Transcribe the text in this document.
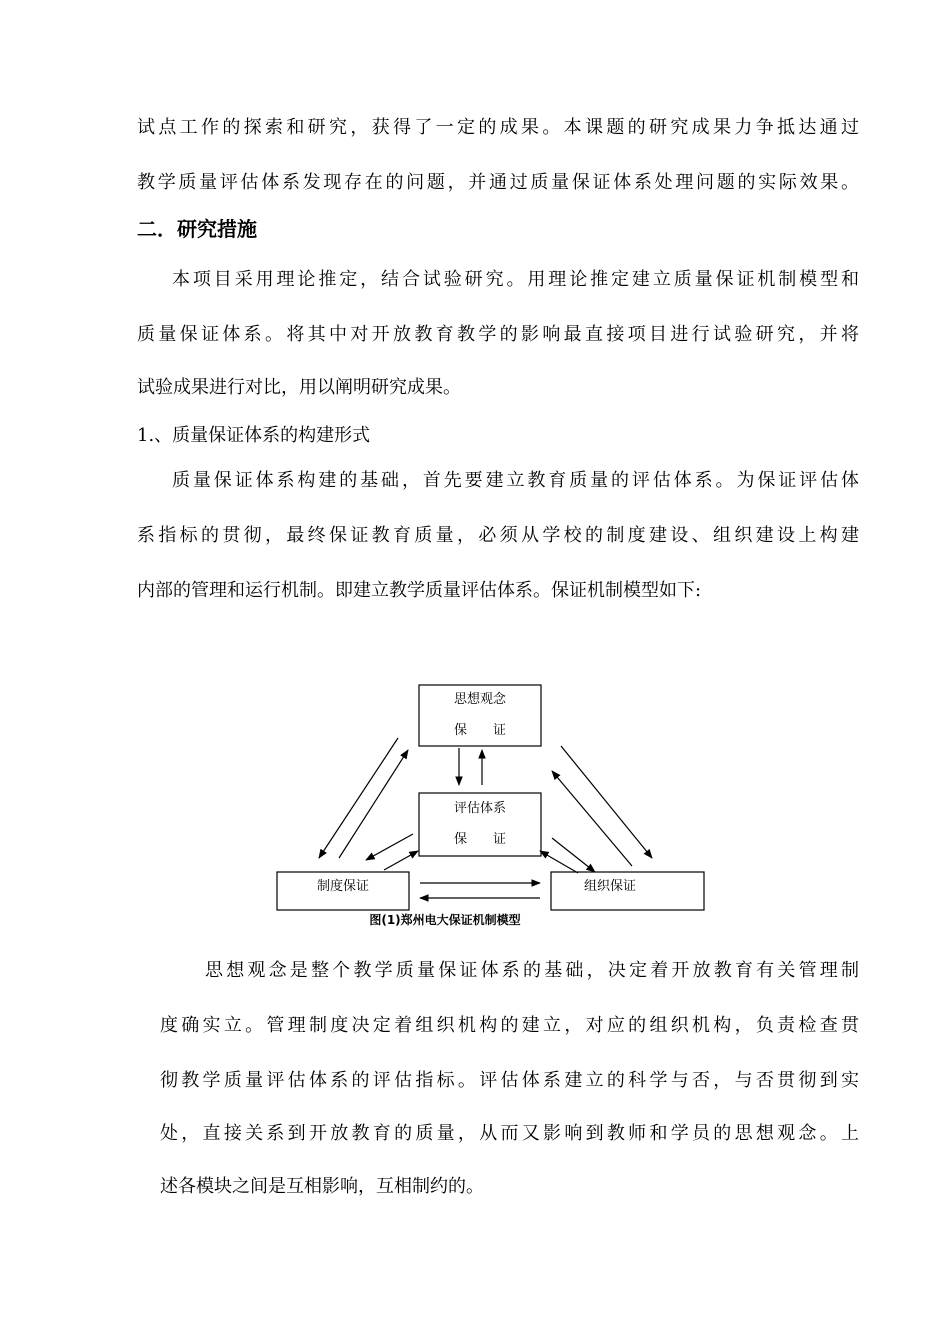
试点工作的探索和研究，获得了一定的成果。本课题的研究成果力争抵达通过
教学质量评估体系发现存在的问题，并通过质量保证体系处理问题的实际效果。
二．研究措施
本项目采用理论推定，结合试验研究。用理论推定建立质量保证机制模型和
质量保证体系。将其中对开放教育教学的影响最直接项目进行试验研究，并将
试验成果进行对比，用以阐明研究成果。
1.、质量保证体系的构建形式
质量保证体系构建的基础，首先要建立教育质量的评估体系。为保证评估体
系指标的贯彻，最终保证教育质量，必须从学校的制度建设、组织建设上构建
内部的管理和运行机制。即建立教学质量评估体系。保证机制模型如下:
思想观念
保　　证
评估体系
保　　证
制度保证	组织保证
图(1)郑州电大保证机制模型
思想观念是整个教学质量保证体系的基础，决定着开放教育有关管理制
度确实立。管理制度决定着组织机构的建立，对应的组织机构，负责检查贯
彻教学质量评估体系的评估指标。评估体系建立的科学与否，与否贯彻到实
处，直接关系到开放教育的质量，从而又影响到教师和学员的思想观念。上
述各模块之间是互相影响，互相制约的。
